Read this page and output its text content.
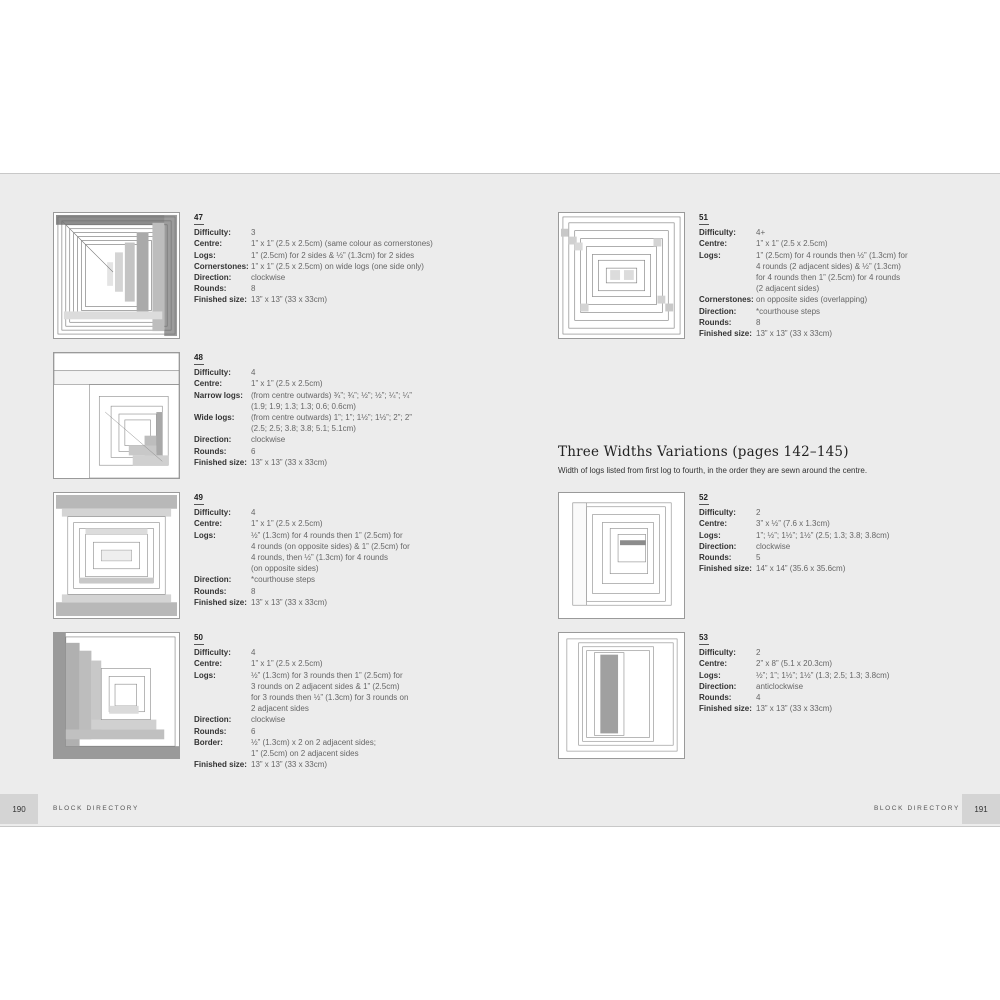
47
Difficulty:	3
Centre:	1” x 1” (2.5 x 2.5cm) (same colour as cornerstones)
Logs:	1” (2.5cm) for 2 sides & ½” (1.3cm) for 2 sides
Cornerstones: 1” x 1” (2.5 x 2.5cm) on wide logs (one side only)
Direction:	clockwise
Rounds:	8
Finished size: 13” x 13” (33 x 33cm)
48
Difficulty:	4
Centre:	1” x 1” (2.5 x 2.5cm)
Narrow logs:	(from centre outwards) ¾”; ¾”; ½”; ½”; ¼”; ¼”
(1.9; 1.9; 1.3; 1.3; 0.6; 0.6cm)
Wide logs:	(from centre outwards) 1”; 1”; 1½”; 1½”; 2”; 2”
(2.5; 2.5; 3.8; 3.8; 5.1; 5.1cm)
Direction:	clockwise
Rounds:	6
Finished size: 13” x 13” (33 x 33cm)
49
Difficulty:	4
Centre:	1” x 1” (2.5 x 2.5cm)
Logs:	½” (1.3cm) for 4 rounds then 1” (2.5cm) for
4 rounds (on opposite sides) & 1” (2.5cm) for
4 rounds, then ½” (1.3cm) for 4 rounds
(on opposite sides)
Direction:	*courthouse steps
Rounds:	8
Finished size: 13” x 13” (33 x 33cm)
50
Difficulty:	4
Centre:	1” x 1” (2.5 x 2.5cm)
Logs:	½” (1.3cm) for 3 rounds then 1” (2.5cm) for
3 rounds on 2 adjacent sides & 1” (2.5cm)
for 3 rounds then ½” (1.3cm) for 3 rounds on
2 adjacent sides
Direction:	clockwise
Rounds:	6
Border:	½” (1.3cm) x 2 on 2 adjacent sides;
1” (2.5cm) on 2 adjacent sides
Finished size: 13” x 13” (33 x 33cm)
190	BLOCK DIRECTORY
51
Difficulty:	4+
Centre:	1” x 1” (2.5 x 2.5cm)
Logs:	1” (2.5cm) for 4 rounds then ½” (1.3cm) for
4 rounds (2 adjacent sides) & ½” (1.3cm)
for 4 rounds then 1” (2.5cm) for 4 rounds
(2 adjacent sides)
Cornerstones: on opposite sides (overlapping)
Direction:	*courthouse steps
Rounds:	8
Finished size: 13” x 13” (33 x 33cm)
Three Widths Variations (pages 142–145)
Width of logs listed from first log to fourth, in the order they are sewn around the centre.
52
Difficulty:	2
Centre:	3” x ½” (7.6 x 1.3cm)
Logs:	1”; ½”; 1½”; 1½” (2.5; 1.3; 3.8; 3.8cm)
Direction:	clockwise
Rounds:	5
Finished size: 14” x 14” (35.6 x 35.6cm)
53
Difficulty:	2
Centre:	2” x 8” (5.1 x 20.3cm)
Logs:	½”; 1”; 1½”; 1½” (1.3; 2.5; 1.3; 3.8cm)
Direction:	anticlockwise
Rounds:	4
Finished size: 13” x 13” (33 x 33cm)
BLOCK DIRECTORY	191
